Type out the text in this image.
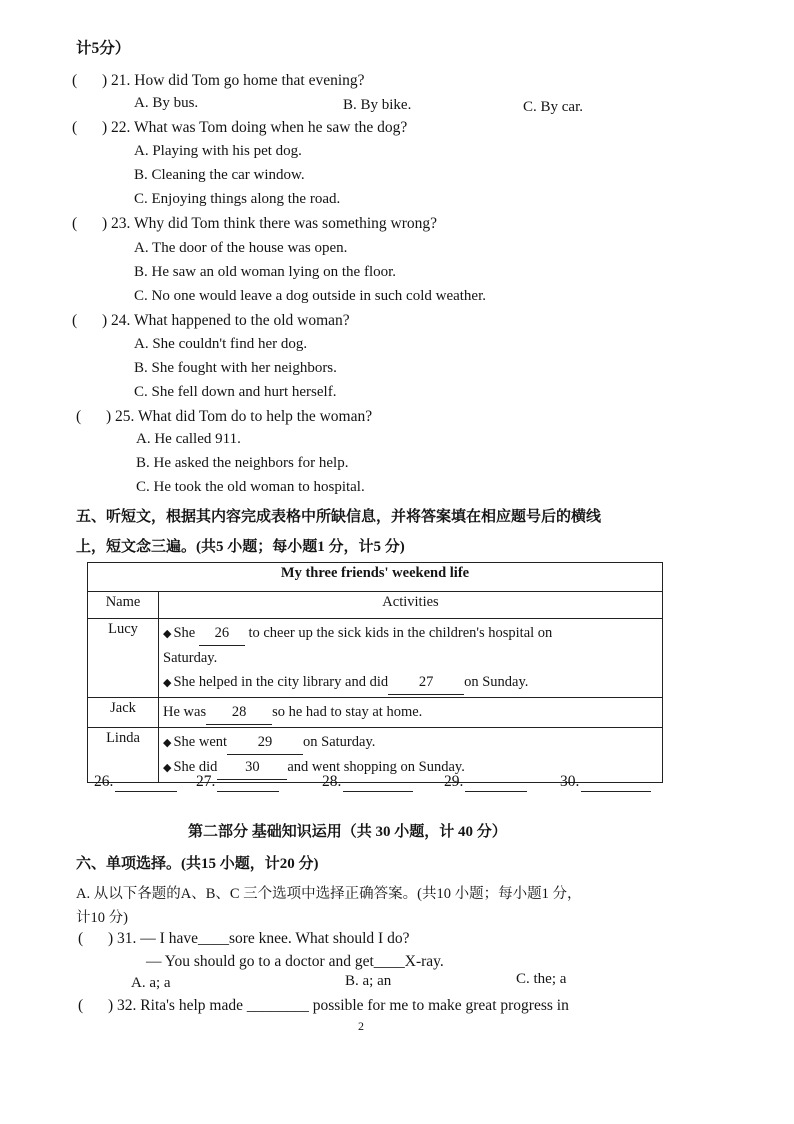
计5分）
( ) 21. How did Tom go home that evening?
A. By bus.	B. By bike.	C. By car.
( ) 22. What was Tom doing when he saw the dog?
A. Playing with his pet dog.
B. Cleaning the car window.
C. Enjoying things along the road.
( ) 23. Why did Tom think there was something wrong?
A. The door of the house was open.
B. He saw an old woman lying on the floor.
C. No one would leave a dog outside in such cold weather.
( ) 24. What happened to the old woman?
A. She couldn't find her dog.
B. She fought with her neighbors.
C. She fell down and hurt herself.
( ) 25. What did Tom do to help the woman?
A. He called 911.
B. He asked the neighbors for help.
C. He took the old woman to hospital.
五、听短文，根据其内容完成表格中所缺信息，并将答案填在相应题号后的横线
上，短文念三遍。(共5 小题；每小题1 分，计5 分)
My three friends' weekend life	
Name	Activities
Lucy	◆ She 26 to cheer up the sick kids in the children's hospital on
Saturday.
◆ She helped in the city library and did 27 on Sunday.

Jack	He was 28 so he had to stay at home.

Linda	◆ She went 29 on Saturday.
◆ She did 30 and went shopping on Sunday.
26.	27.	28.	29.	30.
第二部分 基础知识运用（共 30 小题，计 40 分）
六、单项选择。(共15 小题，计20 分)
A. 从以下各题的A、B、C 三个选项中选择正确答案。(共10 小题；每小题1 分，
计10 分)
( ) 31. — I have____sore knee. What should I do?
— You should go to a doctor and get____X-ray.
A. a; a	B. a; an	C. the; a
( ) 32. Rita's help made ________ possible for me to make great progress in
2
